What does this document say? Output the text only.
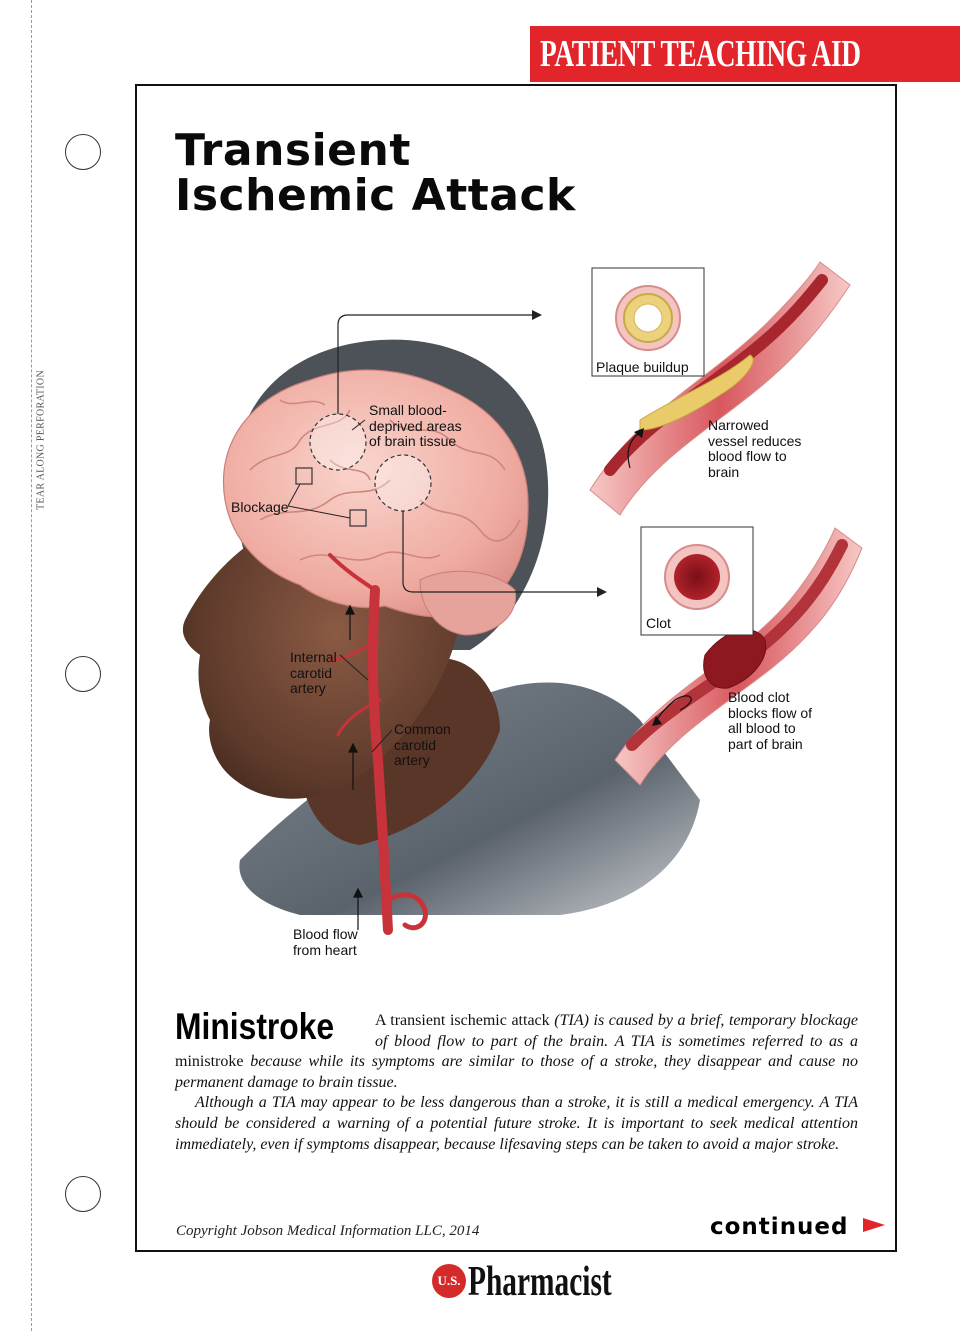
TEAR ALONG PERFORATION
PATIENT TEACHING AID
Transient
Ischemic Attack
Plaque buildup
Narrowed
vessel reduces
blood flow to
brain
Small blood-
deprived areas
of brain tissue
Blockage
Clot
Blood clot
blocks flow of
all blood to
part of brain
Internal
carotid
artery
Common
carotid
artery
Blood flow
from heart
Ministroke	A transient ischemic attack (TIA) is caused by a brief, temporary blockage of blood flow to part of the brain. A TIA is sometimes referred to as a ministroke because while its symptoms are similar to those of a stroke, they disappear and cause no permanent damage to brain tissue.

Although a TIA may appear to be less dangerous than a stroke, it is still a medical emergency. A TIA should be considered a warning of a potential future stroke. It is important to seek medical attention immediately, even if symptoms disappear, because lifesaving steps can be taken to avoid a major stroke.

Copyright Jobson Medical Information LLC, 2014	continued
U.S. Pharmacist
